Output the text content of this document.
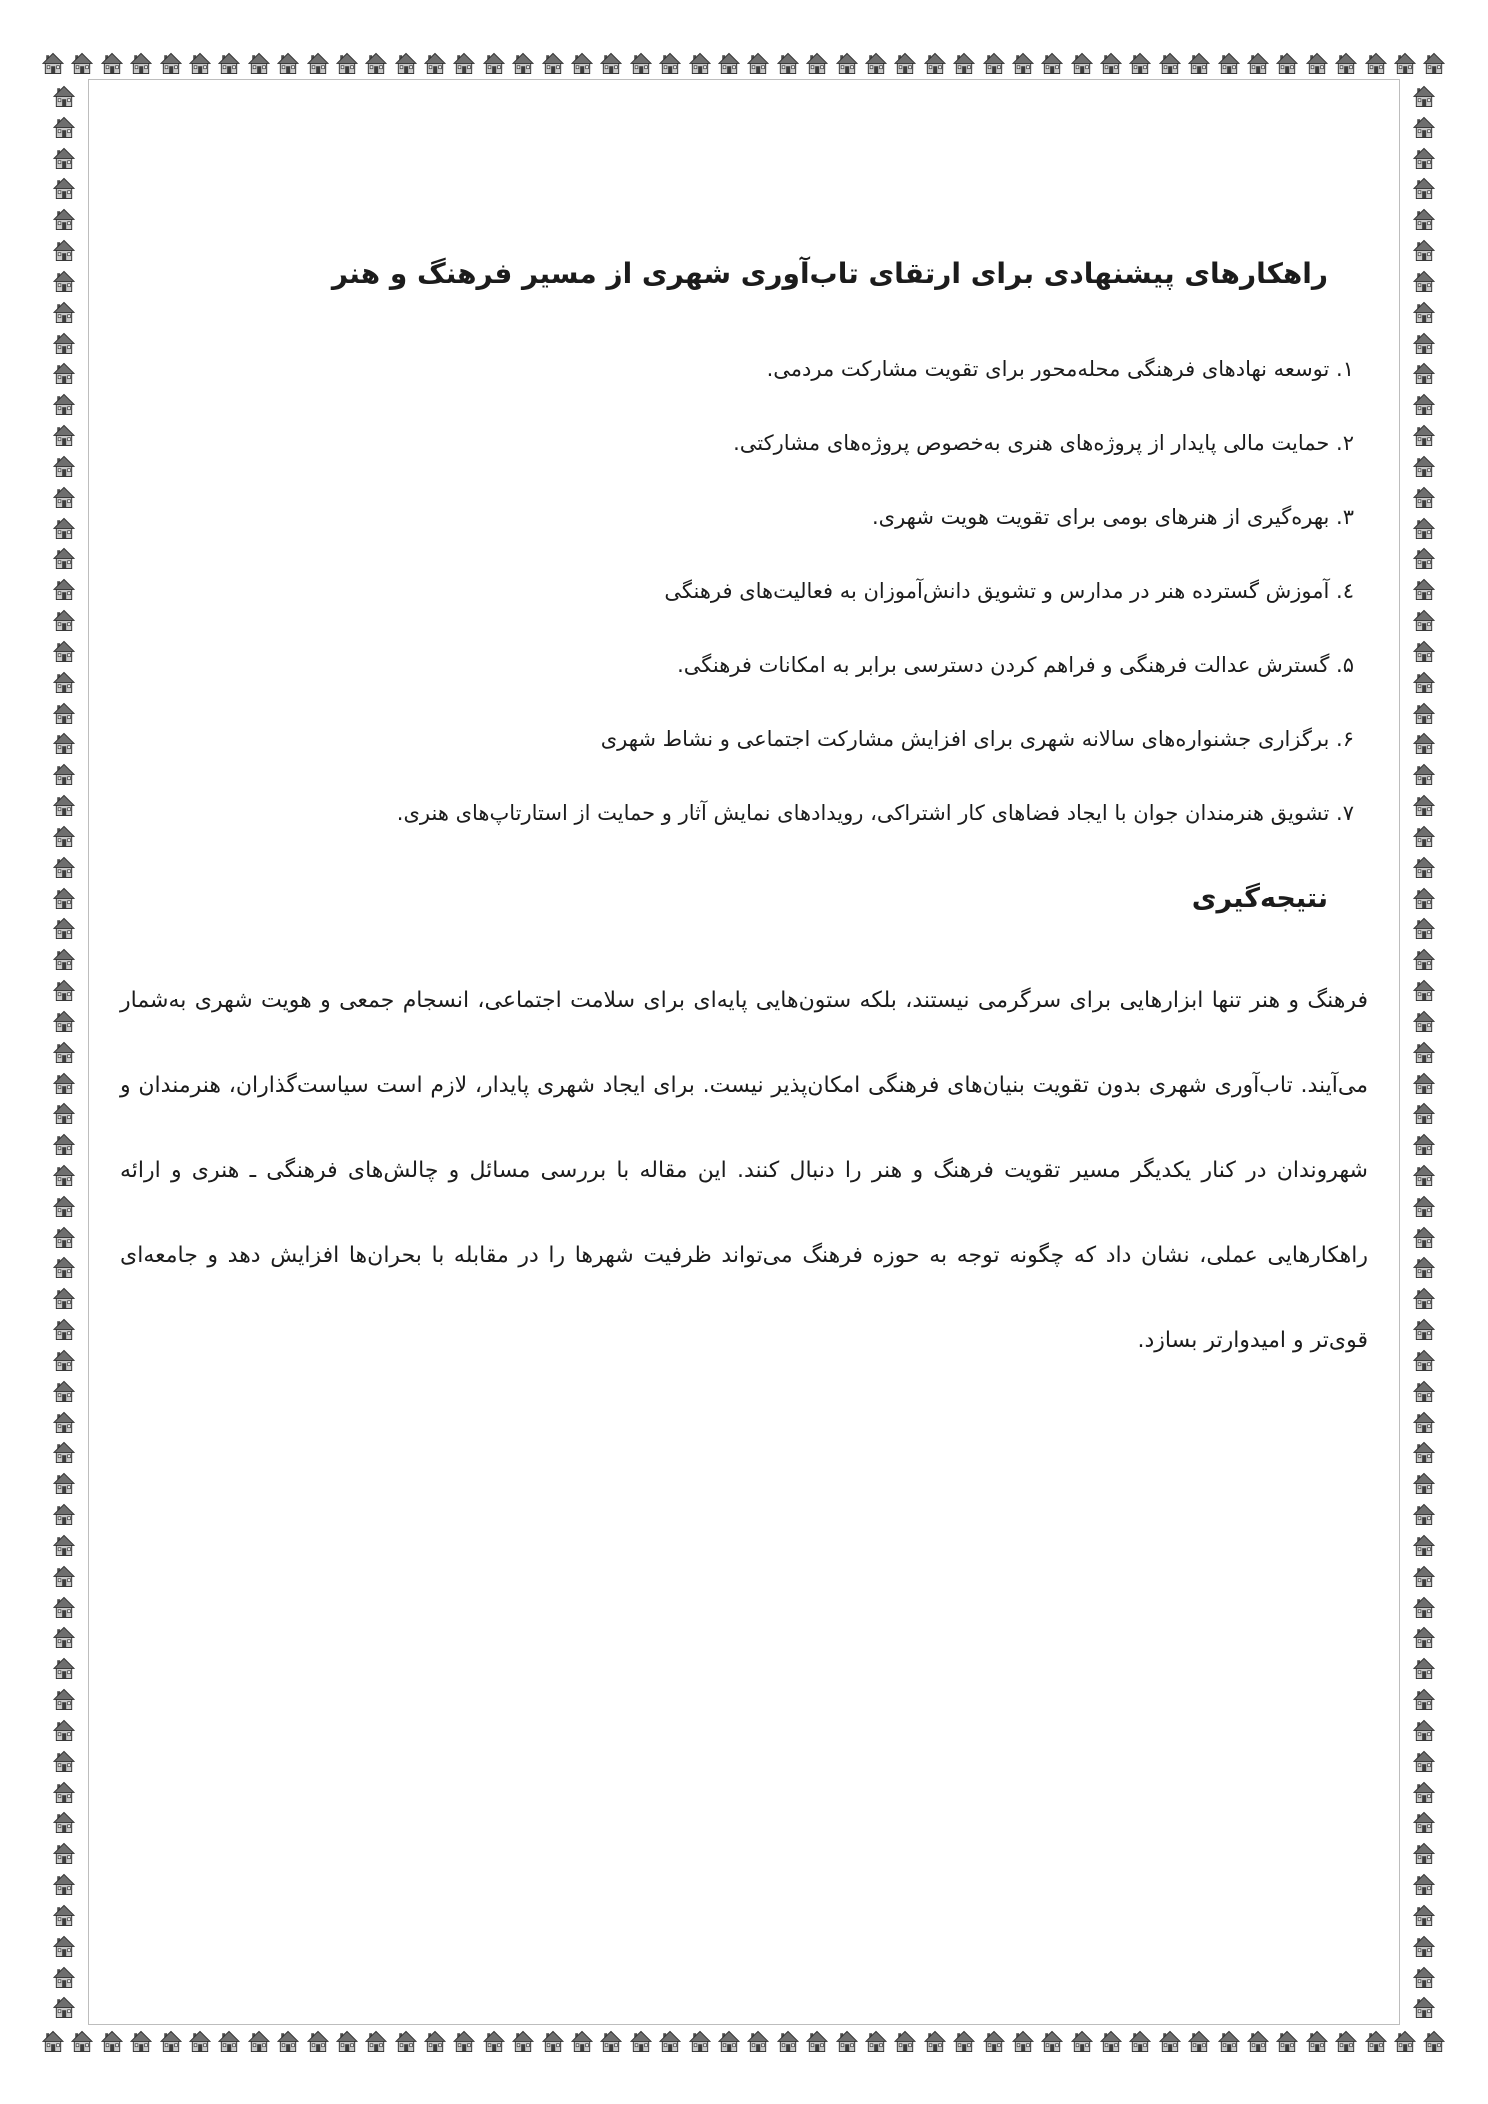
راهکارهای پیشنهادی برای ارتقای تاب‌آوری شهری از مسیر فرهنگ و هنر
۱. توسعه نهادهای فرهنگی محله‌محور برای تقویت مشارکت مردمی.
۲. حمایت مالی پایدار از پروژه‌های هنری به‌خصوص پروژه‌های مشارکتی.
۳. بهره‌گیری از هنرهای بومی برای تقویت هویت شهری.
٤. آموزش گسترده هنر در مدارس و تشویق دانش‌آموزان به فعالیت‌های فرهنگی
۵. گسترش عدالت فرهنگی و فراهم کردن دسترسی برابر به امکانات فرهنگی.
۶. برگزاری جشنواره‌های سالانه شهری برای افزایش مشارکت اجتماعی و نشاط شهری
۷. تشویق هنرمندان جوان با ایجاد فضاهای کار اشتراکی، رویدادهای نمایش آثار و حمایت از استارتاپ‌های هنری.
نتیجه‌گیری
فرهنگ و هنر تنها ابزارهایی برای سرگرمی نیستند، بلکه ستون‌هایی پایه‌ای برای سلامت اجتماعی، انسجام جمعی و هویت شهری به‌شمار می‌آیند. تاب‌آوری شهری بدون تقویت بنیان‌های فرهنگی امکان‌پذیر نیست. برای ایجاد شهری پایدار، لازم است سیاست‌گذاران، هنرمندان و شهروندان در کنار یکدیگر مسیر تقویت فرهنگ و هنر را دنبال کنند. این مقاله با بررسی مسائل و چالش‌های فرهنگی ـ هنری و ارائه راهکارهایی عملی، نشان داد که چگونه توجه به حوزه فرهنگ می‌تواند ظرفیت شهرها را در مقابله با بحران‌ها افزایش دهد و جامعه‌ای قوی‌تر و امیدوارتر بسازد.
